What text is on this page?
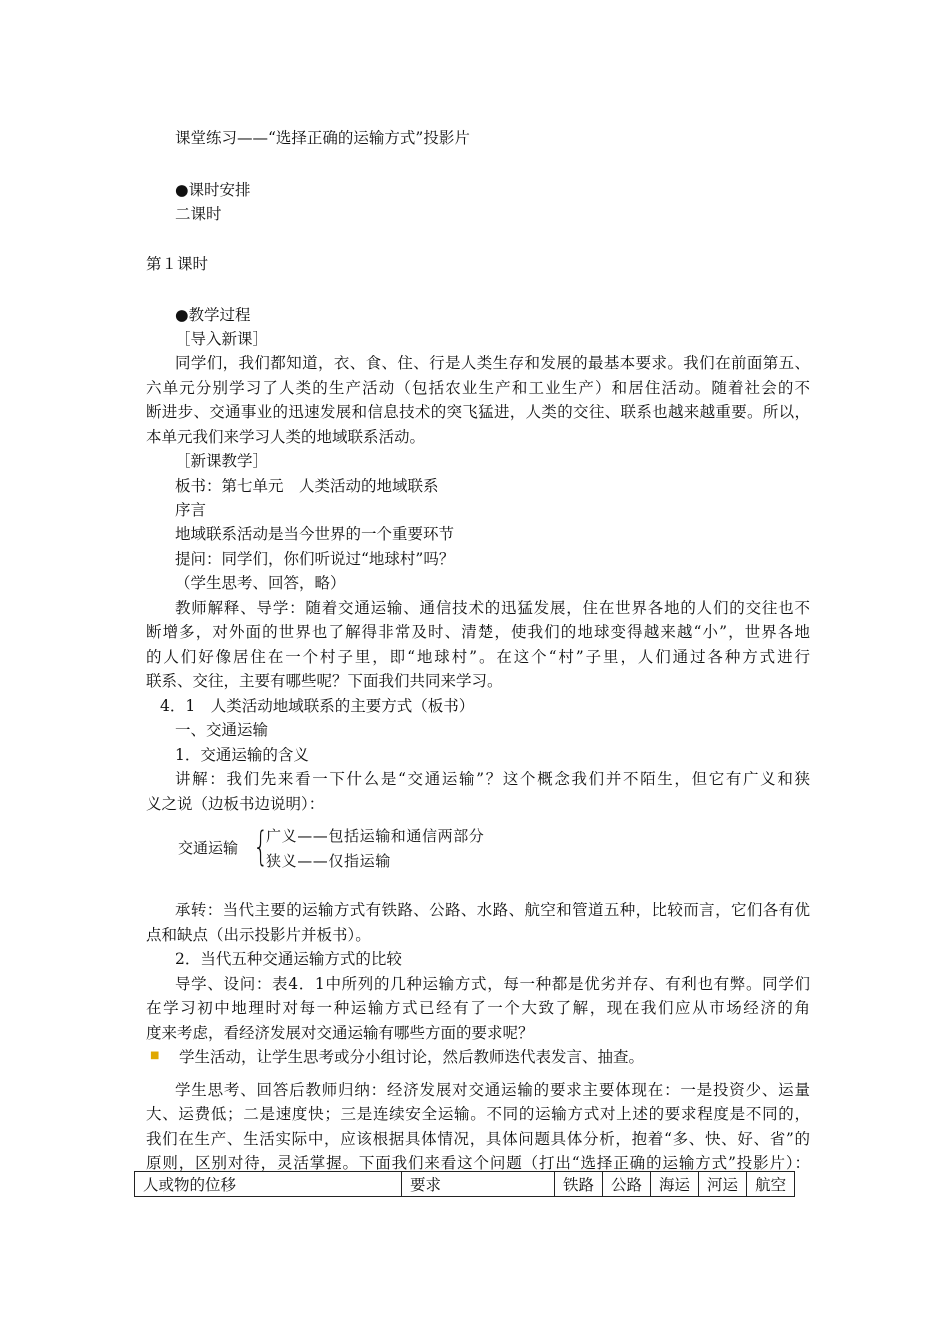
课堂练习——“选择正确的运输方式”投影片
●课时安排
二课时
第１课时
●教学过程
［导入新课］
同学们，我们都知道，衣、食、住、行是人类生存和发展的最基本要求。我们在前面第五、
六单元分别学习了人类的生产活动（包括农业生产和工业生产）和居住活动。随着社会的不
断进步、交通事业的迅速发展和信息技术的突飞猛进，人类的交往、联系也越来越重要。所以，
本单元我们来学习人类的地域联系活动。
［新课教学］
板书：第七单元　人类活动的地域联系
序言
地域联系活动是当今世界的一个重要环节
提问：同学们，你们听说过“地球村”吗？
（学生思考、回答，略）
教师解释、导学：随着交通运输、通信技术的迅猛发展，住在世界各地的人们的交往也不
断增多，对外面的世界也了解得非常及时、清楚，使我们的地球变得越来越“小”，世界各地
的人们好像居住在一个村子里，即“地球村”。在这个“村”子里，人们通过各种方式进行
联系、交往，主要有哪些呢？下面我们共同来学习。
4．1　人类活动地域联系的主要方式（板书）
一、交通运输
1．交通运输的含义
讲解：我们先来看一下什么是“交通运输”？这个概念我们并不陌生，但它有广义和狭
义之说（边板书边说明）：
交通运输 {
广义——包括运输和通信两部分
狭义——仅指运输
承转：当代主要的运输方式有铁路、公路、水路、航空和管道五种，比较而言，它们各有优
点和缺点（出示投影片并板书）。
2．当代五种交通运输方式的比较
导学、设问：表4．1中所列的几种运输方式，每一种都是优劣并存、有利也有弊。同学们
在学习初中地理时对每一种运输方式已经有了一个大致了解，现在我们应从市场经济的角
度来考虑，看经济发展对交通运输有哪些方面的要求呢？
■ 学生活动，让学生思考或分小组讨论，然后教师迭代表发言、抽查。
学生思考、回答后教师归纳：经济发展对交通运输的要求主要体现在：一是投资少、运量
大、运费低；二是速度快；三是连续安全运输。不同的运输方式对上述的要求程度是不同的，
我们在生产、生活实际中，应该根据具体情况，具体问题具体分析，抱着“多、快、好、省”的
原则，区别对待，灵活掌握。下面我们来看这个问题（打出“选择正确的运输方式”投影片）：
人或物的位移	要求	铁路	公路	海运	河运	航空
